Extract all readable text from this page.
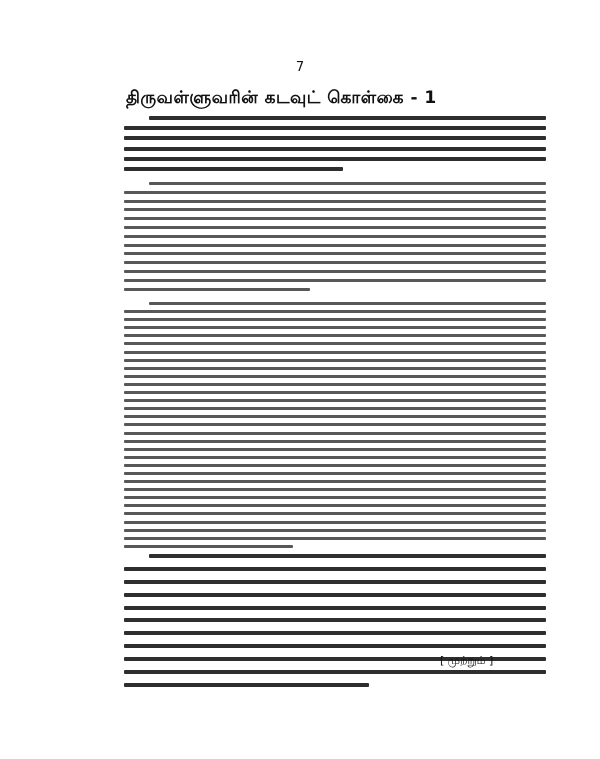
7
திருவள்ளுவரின் கடவுட் கொள்கை - 1
[ முற்றும் ]
